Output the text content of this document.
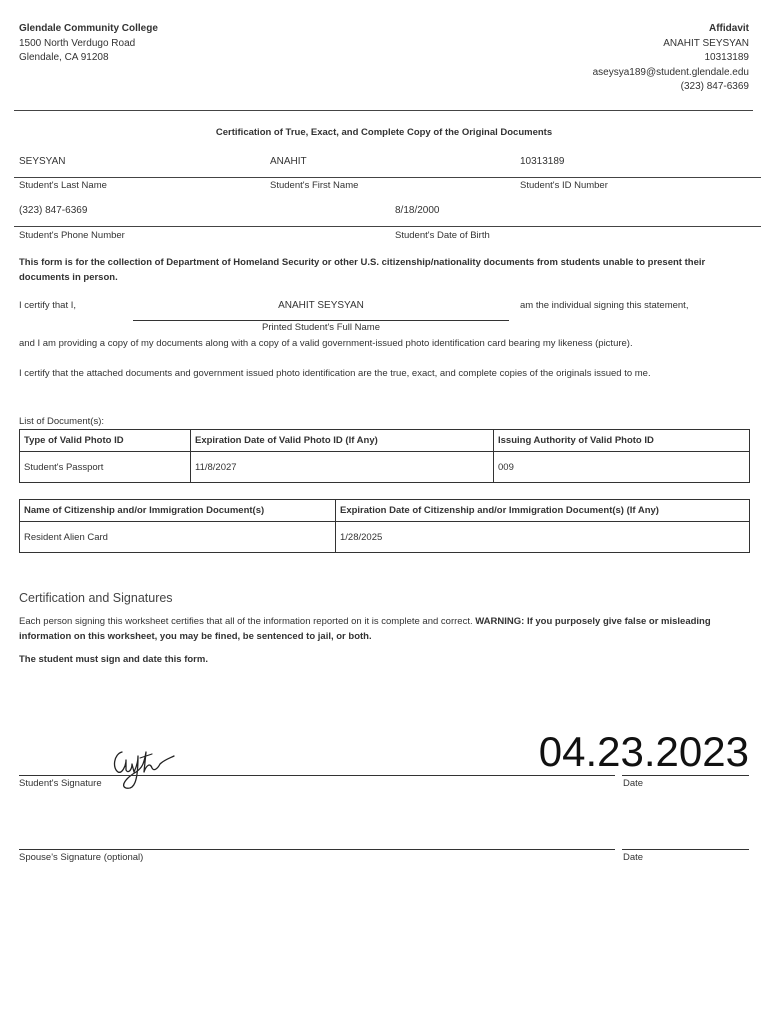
Glendale Community College
1500 North Verdugo Road
Glendale, CA 91208
Affidavit
ANAHIT SEYSYAN
10313189
aseysya189@student.glendale.edu
(323) 847-6369
Certification of True, Exact, and Complete Copy of the Original Documents
SEYSYAN	ANAHIT	10313189
Student's Last Name	Student's First Name	Student's ID Number
(323) 847-6369	8/18/2000
Student's Phone Number	Student's Date of Birth
This form is for the collection of Department of Homeland Security or other U.S. citizenship/nationality documents from students unable to present their documents in person.
I certify that I,	ANAHIT SEYSYAN	am the individual signing this statement,
Printed Student's Full Name
and I am providing a copy of my documents along with a copy of a valid government-issued photo identification card bearing my likeness (picture).
I certify that the attached documents and government issued photo identification are the true, exact, and complete copies of the originals issued to me.
List of Document(s):
Type of Valid Photo ID	Expiration Date of Valid Photo ID (If Any)	Issuing Authority of Valid Photo ID
Student's Passport	11/8/2027	009
Name of Citizenship and/or Immigration Document(s)	Expiration Date of Citizenship and/or Immigration Document(s) (If Any)
Resident Alien Card	1/28/2025
Certification and Signatures
Each person signing this worksheet certifies that all of the information reported on it is complete and correct. WARNING: If you purposely give false or misleading information on this worksheet, you may be fined, be sentenced to jail, or both.
The student must sign and date this form.
Student's Signature
04.23.2023
Date
Spouse's Signature (optional)	Date
